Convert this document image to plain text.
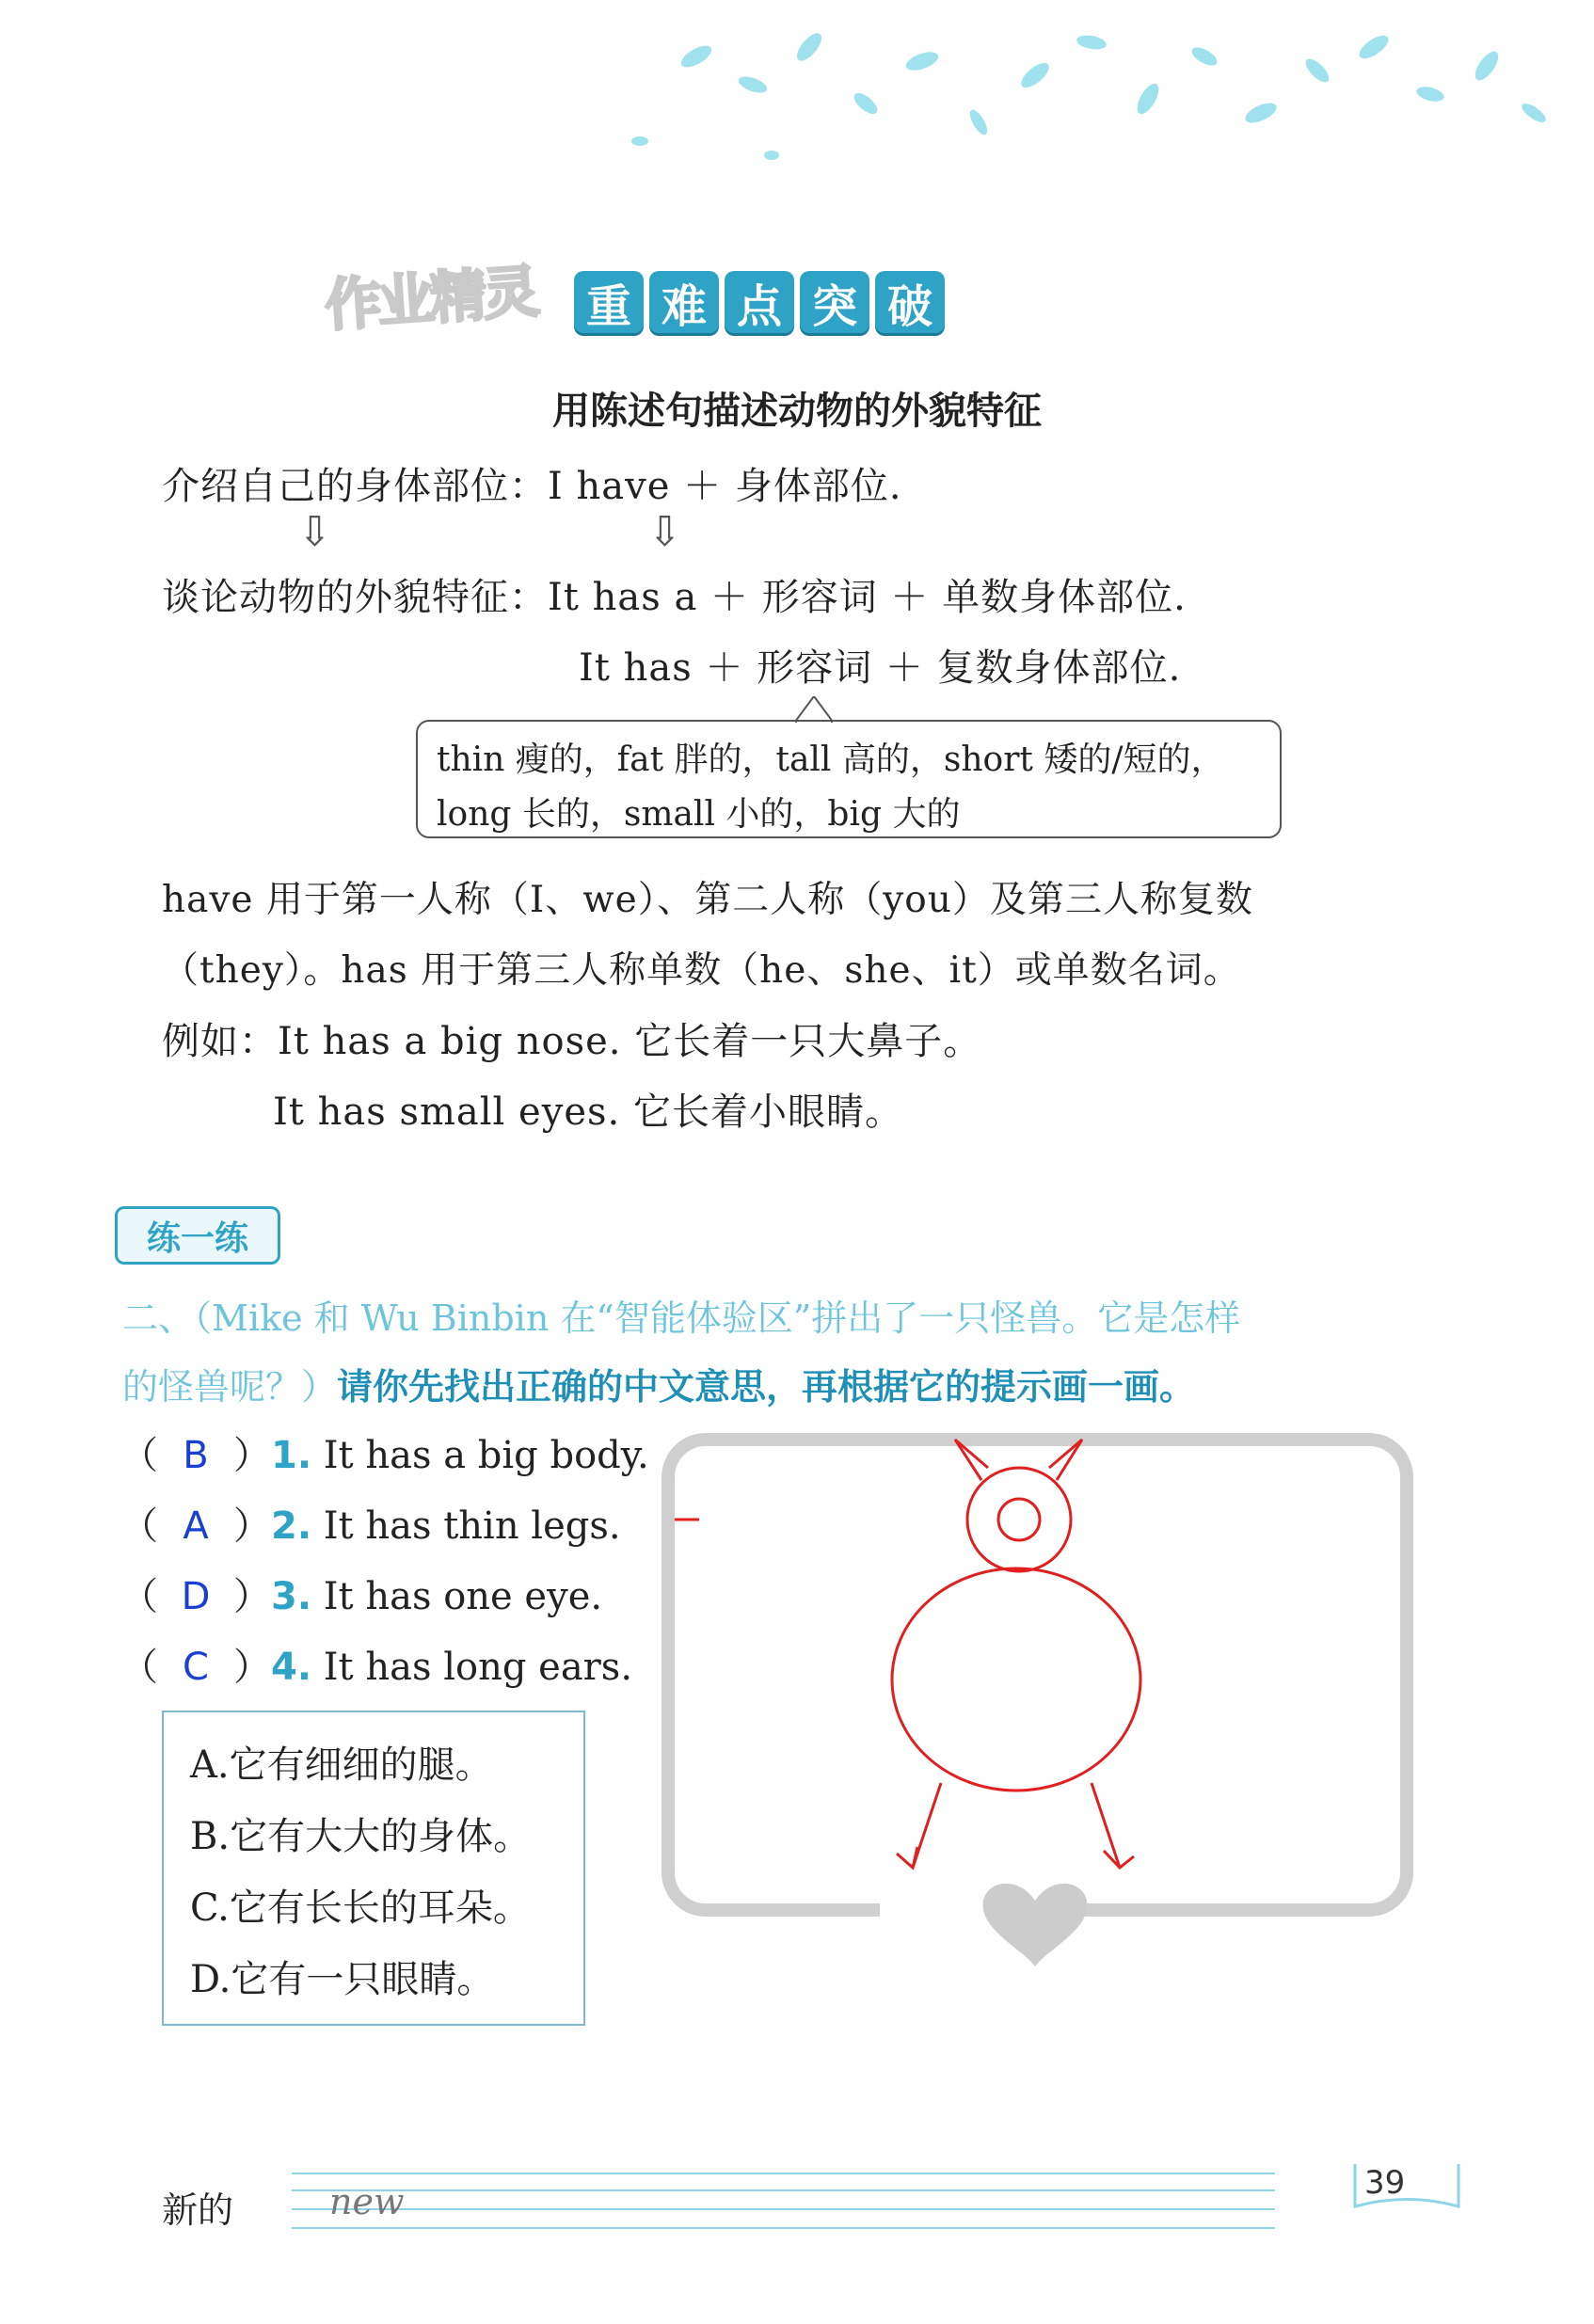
作业精灵 重 难 点 突 破
用陈述句描述动物的外貌特征
介绍自己的身体部位：I have ＋ 身体部位.
⇩	⇩
谈论动物的外貌特征：It has a ＋ 形容词 ＋ 单数身体部位.
It has ＋ 形容词 ＋ 复数身体部位.
thin 瘦的，fat 胖的，tall 高的，short 矮的/短的，
long 长的，small 小的，big 大的
have 用于第一人称（I、we）、第二人称（you）及第三人称复数
（they）。has 用于第三人称单数（he、she、it）或单数名词。
例如：It has a big nose. 它长着一只大鼻子。
It has small eyes. 它长着小眼睛。
练一练
二、（Mike 和 Wu Binbin 在“智能体验区”拼出了一只怪兽。它是怎样
的怪兽呢？）请你先找出正确的中文意思，再根据它的提示画一画。
（ B ）1. It has a big body.
（ A ）2. It has thin legs.
（ D ）3. It has one eye.
（ C ）4. It has long ears.
A.它有细细的腿。
B.它有大大的身体。
C.它有长长的耳朵。
D.它有一只眼睛。
新的	new	39
